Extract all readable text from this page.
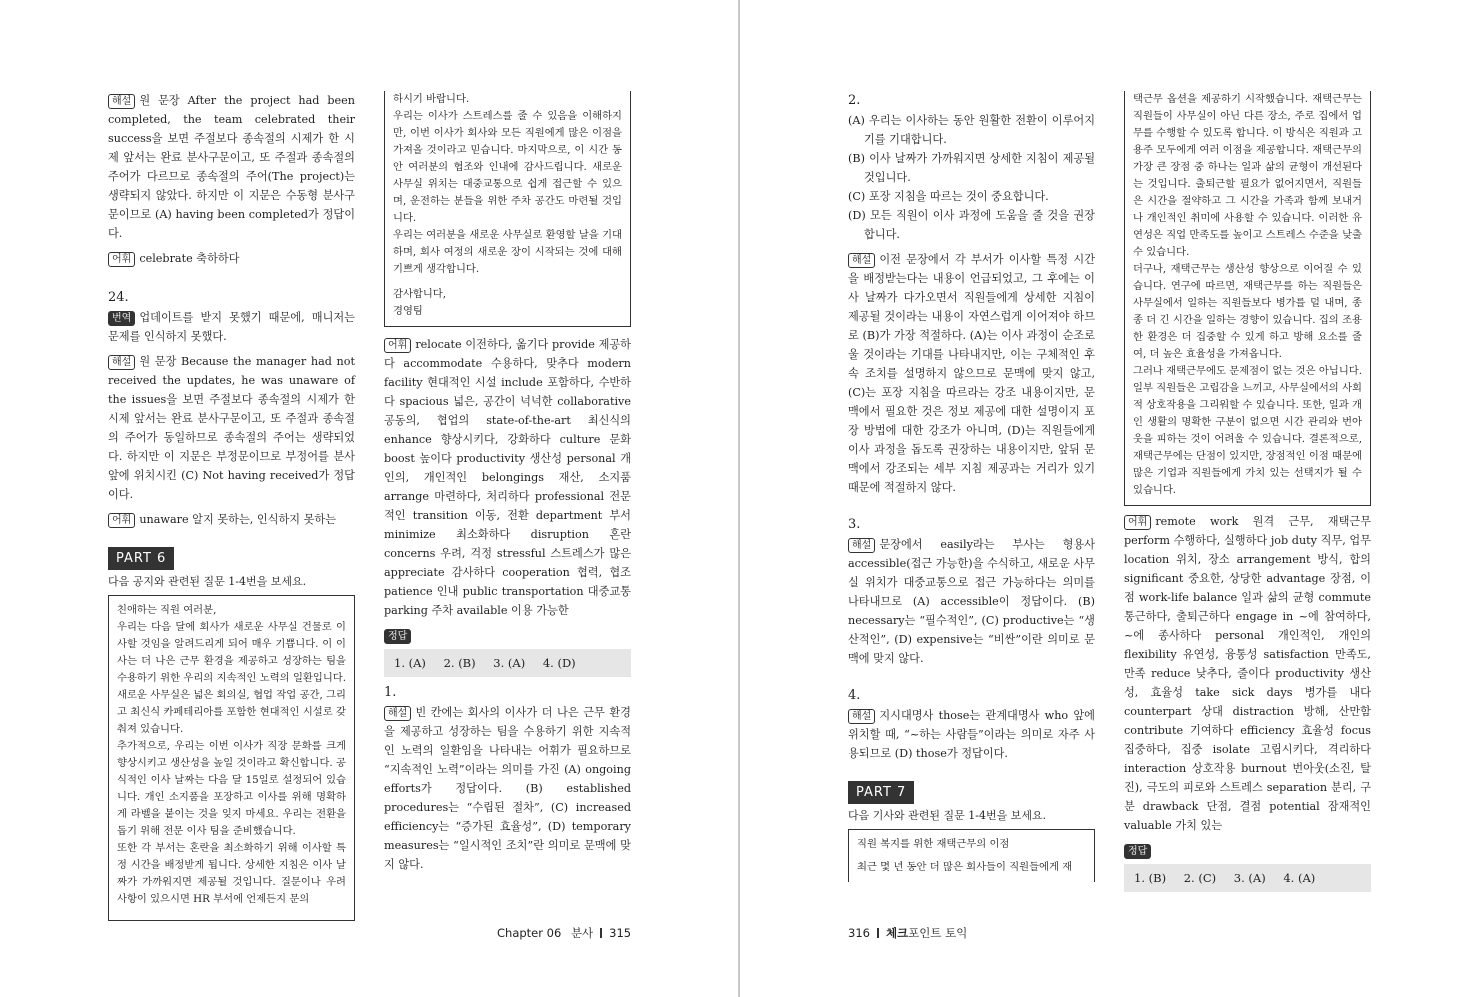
해설 원 문장 After the project had been completed, the team celebrated their success을 보면 주절보다 종속절의 시제가 한 시제 앞서는 완료 분사구문이고, 또 주절과 종속절의 주어가 다르므로 종속절의 주어(The project)는 생략되지 않았다. 하지만 이 지문은 수동형 분사구문이므로 (A) having been completed가 정답이다.

어휘 celebrate 축하하다

24.

번역 업데이트를 받지 못했기 때문에, 매니저는 문제를 인식하지 못했다.

해설 원 문장 Because the manager had not received the updates, he was unaware of the issues을 보면 주절보다 종속절의 시제가 한 시제 앞서는 완료 분사구문이고, 또 주절과 종속절의 주어가 동일하므로 종속절의 주어는 생략되었다. 하지만 이 지문은 부정문이므로 부정어를 분사 앞에 위치시킨 (C) Not having received가 정답이다.

어휘 unaware 알지 못하는, 인식하지 못하는

PART 6

다음 공지와 관련된 질문 1-4번을 보세요.

친애하는 직원 여러분,

우리는 다음 달에 회사가 새로운 사무실 건물로 이사할 것임을 알려드리게 되어 매우 기쁩니다. 이 이사는 더 나은 근무 환경을 제공하고 성장하는 팀을 수용하기 위한 우리의 지속적인 노력의 일환입니다. 새로운 사무실은 넓은 회의실, 협업 작업 공간, 그리고 최신식 카페테리아를 포함한 현대적인 시설로 갖춰져 있습니다.

추가적으로, 우리는 이번 이사가 직장 문화를 크게 향상시키고 생산성을 높일 것이라고 확신합니다. 공식적인 이사 날짜는 다음 달 15일로 설정되어 있습니다. 개인 소지품을 포장하고 이사를 위해 명확하게 라벨을 붙이는 것을 잊지 마세요. 우리는 전환을 돕기 위해 전문 이사 팀을 준비했습니다.

또한 각 부서는 혼란을 최소화하기 위해 이사할 특정 시간을 배정받게 됩니다. 상세한 지침은 이사 날짜가 가까워지면 제공될 것입니다. 질문이나 우려 사항이 있으시면 HR 부서에 언제든지 문의

하시기 바랍니다.

우리는 이사가 스트레스를 줄 수 있음을 이해하지만, 이번 이사가 회사와 모든 직원에게 많은 이점을 가져올 것이라고 믿습니다. 마지막으로, 이 시간 동안 여러분의 협조와 인내에 감사드립니다. 새로운 사무실 위치는 대중교통으로 쉽게 접근할 수 있으며, 운전하는 분들을 위한 주차 공간도 마련될 것입니다.

우리는 여러분을 새로운 사무실로 환영할 날을 기대하며, 회사 여정의 새로운 장이 시작되는 것에 대해 기쁘게 생각합니다.

감사합니다,

경영팀

어휘 relocate 이전하다, 옮기다 provide 제공하다 accommodate 수용하다, 맞추다 modern facility 현대적인 시설 include 포함하다, 수반하다 spacious 넓은, 공간이 넉넉한 collaborative 공동의, 협업의 state-of-the-art 최신식의 enhance 향상시키다, 강화하다 culture 문화 boost 높이다 productivity 생산성 personal 개인의, 개인적인 belongings 재산, 소지품 arrange 마련하다, 처리하다 professional 전문적인 transition 이동, 전환 department 부서 minimize 최소화하다 disruption 혼란 concerns 우려, 걱정 stressful 스트레스가 많은 appreciate 감사하다 cooperation 협력, 협조 patience 인내 public transportation 대중교통 parking 주차 available 이용 가능한

정답

1. (A) 2. (B) 3. (A) 4. (D)

1.

해설 빈 칸에는 회사의 이사가 더 나은 근무 환경을 제공하고 성장하는 팀을 수용하기 위한 지속적인 노력의 일환임을 나타내는 어휘가 필요하므로 “지속적인 노력”이라는 의미를 가진 (A) ongoing efforts가 정답이다. (B) established procedures는 “수립된 절차”, (C) increased efficiency는 “증가된 효율성”, (D) temporary measures는 “일시적인 조치”란 의미로 문맥에 맞지 않다.

Chapter 06 분사 315

2.

(A) 우리는 이사하는 동안 원활한 전환이 이루어지기를 기대합니다.

(B) 이사 날짜가 가까워지면 상세한 지침이 제공될 것입니다.

(C) 포장 지침을 따르는 것이 중요합니다.

(D) 모든 직원이 이사 과정에 도움을 줄 것을 권장합니다.

해설 이전 문장에서 각 부서가 이사할 특정 시간을 배정받는다는 내용이 언급되었고, 그 후에는 이사 날짜가 다가오면서 직원들에게 상세한 지침이 제공될 것이라는 내용이 자연스럽게 이어져야 하므로 (B)가 가장 적절하다. (A)는 이사 과정이 순조로울 것이라는 기대를 나타내지만, 이는 구체적인 후속 조치를 설명하지 않으므로 문맥에 맞지 않고, (C)는 포장 지침을 따르라는 강조 내용이지만, 문맥에서 필요한 것은 정보 제공에 대한 설명이지 포장 방법에 대한 강조가 아니며, (D)는 직원들에게 이사 과정을 돕도록 권장하는 내용이지만, 앞뒤 문맥에서 강조되는 세부 지침 제공과는 거리가 있기 때문에 적절하지 않다.

3.

해설 문장에서 easily라는 부사는 형용사 accessible(접근 가능한)을 수식하고, 새로운 사무실 위치가 대중교통으로 접근 가능하다는 의미를 나타내므로 (A) accessible이 정답이다. (B) necessary는 “필수적인”, (C) productive는 “생산적인”, (D) expensive는 “비싼”이란 의미로 문맥에 맞지 않다.

4.

해설 지시대명사 those는 관계대명사 who 앞에 위치할 때, “~하는 사람들”이라는 의미로 자주 사용되므로 (D) those가 정답이다.

PART 7

다음 기사와 관련된 질문 1-4번을 보세요.

직원 복지를 위한 재택근무의 이점

최근 몇 년 동안 더 많은 회사들이 직원들에게 재

택근무 옵션을 제공하기 시작했습니다. 재택근무는 직원들이 사무실이 아닌 다른 장소, 주로 집에서 업무를 수행할 수 있도록 합니다. 이 방식은 직원과 고용주 모두에게 여러 이점을 제공합니다. 재택근무의 가장 큰 장점 중 하나는 일과 삶의 균형이 개선된다는 것입니다. 출퇴근할 필요가 없어지면서, 직원들은 시간을 절약하고 그 시간을 가족과 함께 보내거나 개인적인 취미에 사용할 수 있습니다. 이러한 유연성은 직업 만족도를 높이고 스트레스 수준을 낮출 수 있습니다.

더구나, 재택근무는 생산성 향상으로 이어질 수 있습니다. 연구에 따르면, 재택근무를 하는 직원들은 사무실에서 일하는 직원들보다 병가를 덜 내며, 종종 더 긴 시간을 일하는 경향이 있습니다. 집의 조용한 환경은 더 집중할 수 있게 하고 방해 요소를 줄여, 더 높은 효율성을 가져옵니다.

그러나 재택근무에도 문제점이 없는 것은 아닙니다. 일부 직원들은 고립감을 느끼고, 사무실에서의 사회적 상호작용을 그리워할 수 있습니다. 또한, 일과 개인 생활의 명확한 구분이 없으면 시간 관리와 번아웃을 피하는 것이 어려울 수 있습니다. 결론적으로, 재택근무에는 단점이 있지만, 장점적인 이점 때문에 많은 기업과 직원들에게 가치 있는 선택지가 될 수 있습니다.

어휘 remote work 원격 근무, 재택근무 perform 수행하다, 실행하다 job duty 직무, 업무 location 위치, 장소 arrangement 방식, 합의 significant 중요한, 상당한 advantage 장점, 이점 work-life balance 일과 삶의 균형 commute 통근하다, 출퇴근하다 engage in ~에 참여하다, ~에 종사하다 personal 개인적인, 개인의 flexibility 유연성, 융통성 satisfaction 만족도, 만족 reduce 낮추다, 줄이다 productivity 생산성, 효율성 take sick days 병가를 내다 counterpart 상대 distraction 방해, 산만함 contribute 기여하다 efficiency 효율성 focus 집중하다, 집중 isolate 고립시키다, 격리하다 interaction 상호작용 burnout 번아웃(소진, 탈진), 극도의 피로와 스트레스 separation 분리, 구분 drawback 단점, 결점 potential 잠재적인 valuable 가치 있는

정답

1. (B) 2. (C) 3. (A) 4. (A)
316 체크포인트 토익
